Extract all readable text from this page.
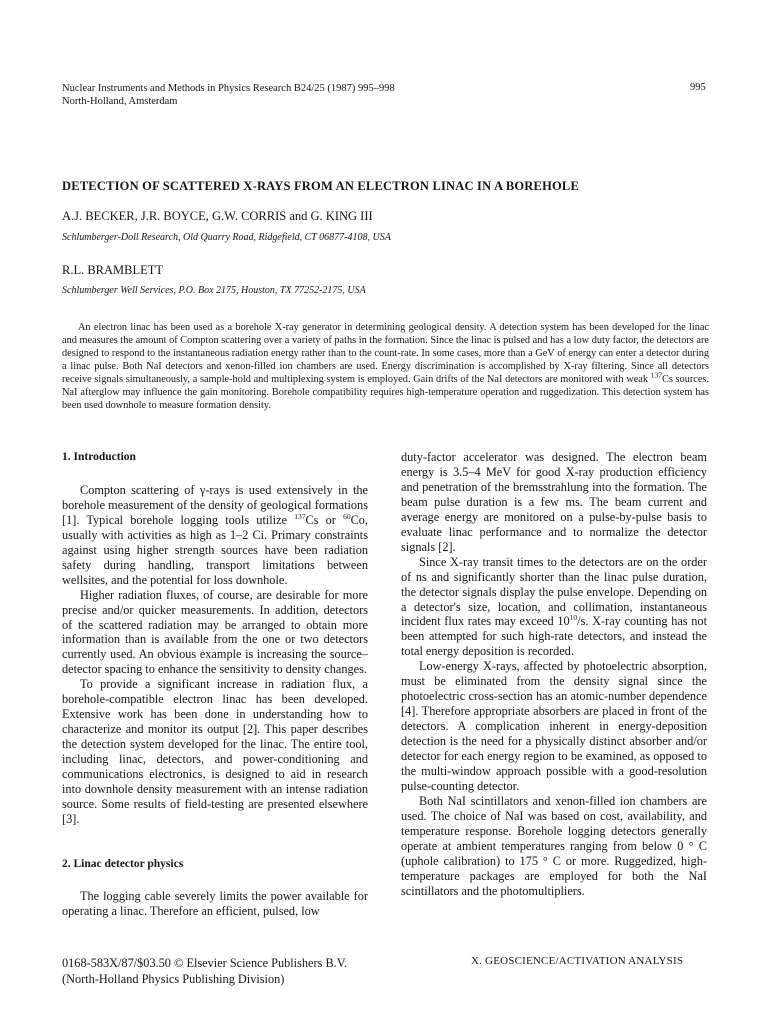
Nuclear Instruments and Methods in Physics Research B24/25 (1987) 995–998
North-Holland, Amsterdam
995
DETECTION OF SCATTERED X-RAYS FROM AN ELECTRON LINAC IN A BOREHOLE
A.J. BECKER, J.R. BOYCE, G.W. CORRIS and G. KING III
Schlumberger-Doll Research, Old Quarry Road, Ridgefield, CT 06877-4108, USA
R.L. BRAMBLETT
Schlumberger Well Services, P.O. Box 2175, Houston, TX 77252-2175, USA

An electron linac has been used as a borehole X-ray generator in determining geological density. A detection system has been developed for the linac and measures the amount of Compton scattering over a variety of paths in the formation. Since the linac is pulsed and has a low duty factor, the detectors are designed to respond to the instantaneous radiation energy rather than to the count-rate. In some cases, more than a GeV of energy can enter a detector during a linac pulse. Both NaI detectors and xenon-filled ion chambers are used. Energy discrimination is accomplished by X-ray filtering. Since all detectors receive signals simultaneously, a sample-hold and multiplexing system is employed. Gain drifts of the NaI detectors are monitored with weak $^{137}$Cs sources. NaI afterglow may influence the gain monitoring. Borehole compatibility requires high-temperature operation and ruggedization. This detection system has been used downhole to measure formation density.

1. Introduction

Compton scattering of γ-rays is used extensively in the borehole measurement of the density of geological formations [1]. Typical borehole logging tools utilize $^{137}$Cs or $^{60}$Co, usually with activities as high as 1–2 Ci. Primary constraints against using higher strength sources have been radiation safety during handling, transport limitations between wellsites, and the potential for loss downhole.

Higher radiation fluxes, of course, are desirable for more precise and/or quicker measurements. In addition, detectors of the scattered radiation may be arranged to obtain more information than is available from the one or two detectors currently used. An obvious example is increasing the source–detector spacing to enhance the sensitivity to density changes.

To provide a significant increase in radiation flux, a borehole-compatible electron linac has been developed. Extensive work has been done in understanding how to characterize and monitor its output [2]. This paper describes the detection system developed for the linac. The entire tool, including linac, detectors, and power-conditioning and communications electronics, is designed to aid in research into downhole density measurement with an intense radiation source. Some results of field-testing are presented elsewhere [3].

2. Linac detector physics

The logging cable severely limits the power available for operating a linac. Therefore an efficient, pulsed, low

duty-factor accelerator was designed. The electron beam energy is 3.5–4 MeV for good X-ray production efficiency and penetration of the bremsstrahlung into the formation. The beam pulse duration is a few ms. The beam current and average energy are monitored on a pulse-by-pulse basis to evaluate linac performance and to normalize the detector signals [2].

Since X-ray transit times to the detectors are on the order of ns and significantly shorter than the linac pulse duration, the detector signals display the pulse envelope. Depending on a detector's size, location, and collimation, instantaneous incident flux rates may exceed $10^{10}/s$. X-ray counting has not been attempted for such high-rate detectors, and instead the total energy deposition is recorded.

Low-energy X-rays, affected by photoelectric absorption, must be eliminated from the density signal since the photoelectric cross-section has an atomic-number dependence [4]. Therefore appropriate absorbers are placed in front of the detectors. A complication inherent in energy-deposition detection is the need for a physically distinct absorber and/or detector for each energy region to be examined, as opposed to the multi-window approach possible with a good-resolution pulse-counting detector.

Both NaI scintillators and xenon-filled ion chambers are used. The choice of NaI was based on cost, availability, and temperature response. Borehole logging detectors generally operate at ambient temperatures ranging from below 0 ° C (uphole calibration) to 175 ° C or more. Ruggedized, high-temperature packages are employed for both the NaI scintillators and the photomultipliers.

0168-583X/87/$03.50 © Elsevier Science Publishers B.V.
(North-Holland Physics Publishing Division)
X. GEOSCIENCE/ACTIVATION ANALYSIS
